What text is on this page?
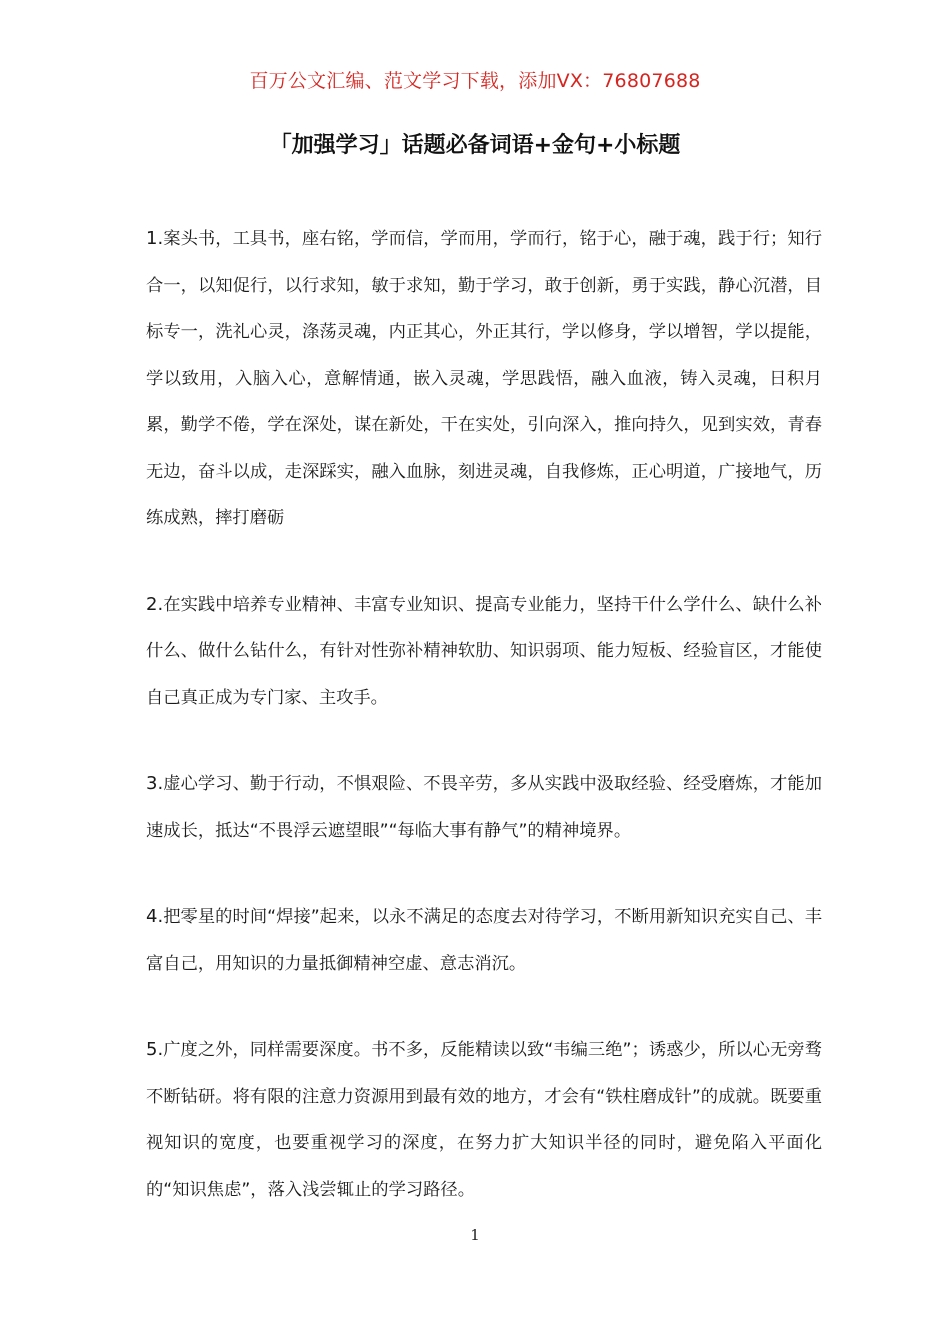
百万公文汇编、范文学习下载，添加VX：76807688
「加强学习」话题必备词语+金句+小标题

1.案头书，工具书，座右铭，学而信，学而用，学而行，铭于心，融于魂，践于行；知行合一，以知促行，以行求知，敏于求知，勤于学习，敢于创新，勇于实践，静心沉潜，目标专一，洗礼心灵，涤荡灵魂，内正其心，外正其行，学以修身，学以增智，学以提能，学以致用，入脑入心，意解情通，嵌入灵魂，学思践悟，融入血液，铸入灵魂，日积月累，勤学不倦，学在深处，谋在新处，干在实处，引向深入，推向持久，见到实效，青春无边，奋斗以成，走深踩实，融入血脉，刻进灵魂，自我修炼，正心明道，广接地气，历练成熟，摔打磨砺

2.在实践中培养专业精神、丰富专业知识、提高专业能力，坚持干什么学什么、缺什么补什么、做什么钻什么，有针对性弥补精神软肋、知识弱项、能力短板、经验盲区，才能使自己真正成为专门家、主攻手。

3.虚心学习、勤于行动，不惧艰险、不畏辛劳，多从实践中汲取经验、经受磨炼，才能加速成长，抵达“不畏浮云遮望眼”“每临大事有静气”的精神境界。

4.把零星的时间“焊接”起来，以永不满足的态度去对待学习，不断用新知识充实自己、丰富自己，用知识的力量抵御精神空虚、意志消沉。

5.广度之外，同样需要深度。书不多，反能精读以致“韦编三绝”；诱惑少，所以心无旁骛不断钻研。将有限的注意力资源用到最有效的地方，才会有“铁柱磨成针”的成就。既要重视知识的宽度，也要重视学习的深度，在努力扩大知识半径的同时，避免陷入平面化的“知识焦虑”，落入浅尝辄止的学习路径。

1
